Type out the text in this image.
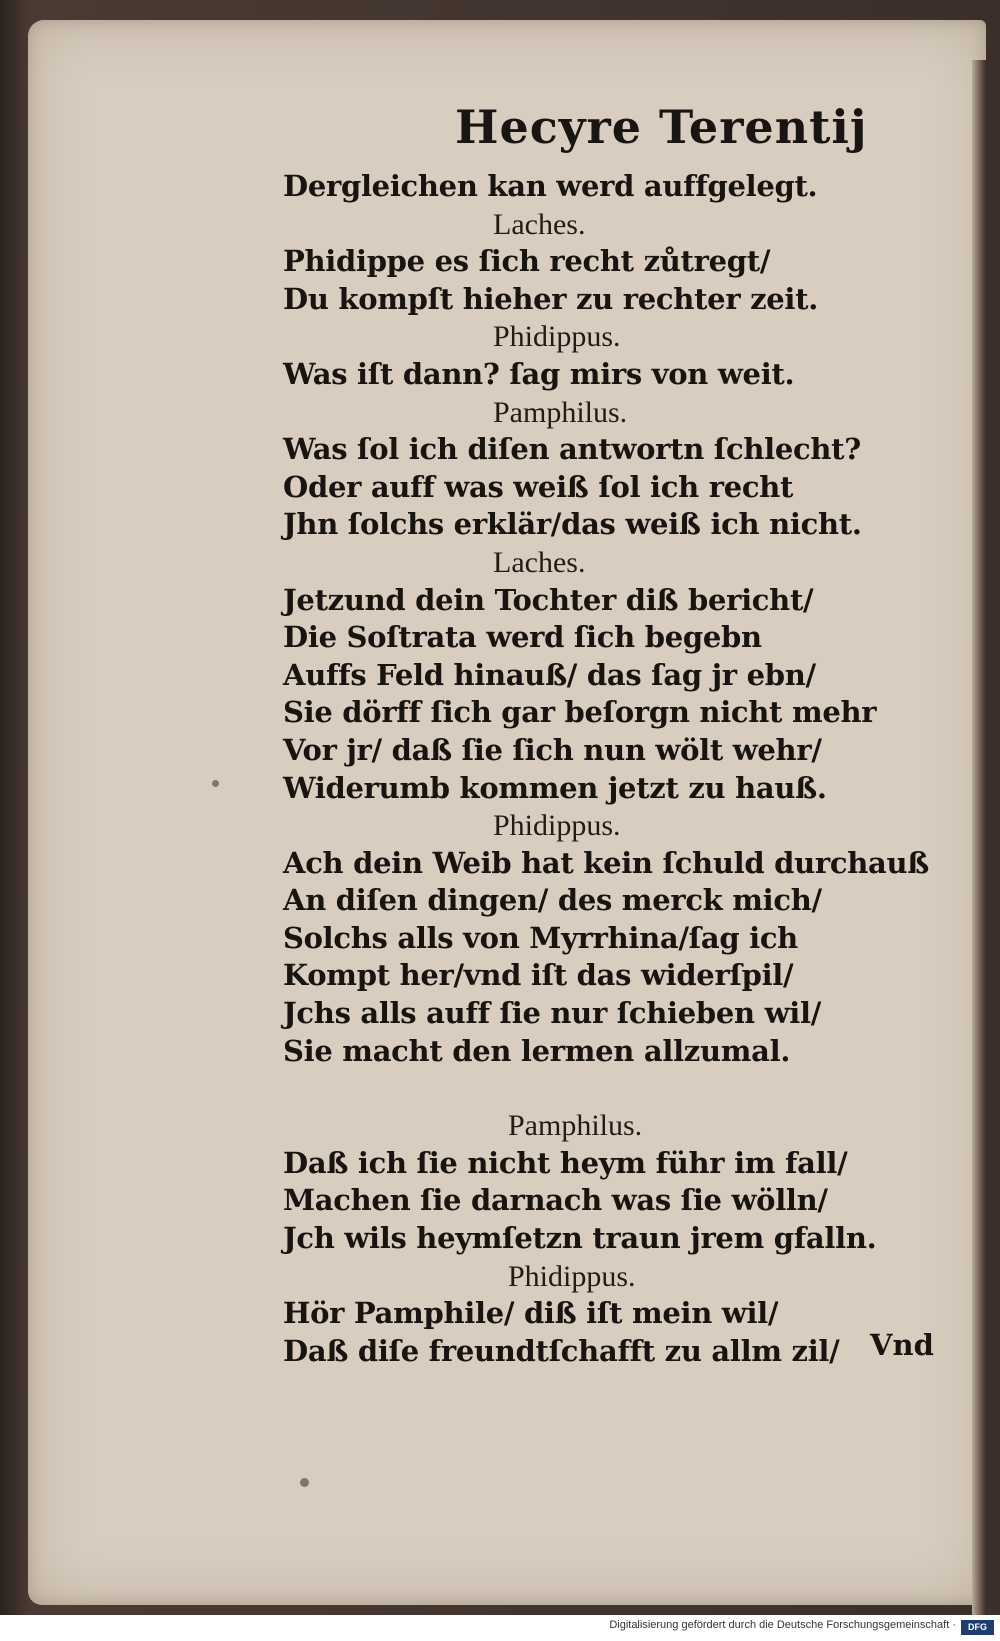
Hecyre Terentij
Dergleichen kan werd auffgelegt.
Laches.
Phidippe es ſich recht zůtregt/
Du kompſt hieher zu rechter zeit.
Phidippus.
Was iſt dann? ſag mirs von weit.
Pamphilus.
Was ſol ich diſen antwortn ſchlecht?
Oder auff was weiß ſol ich recht
Jhn ſolchs erklär/das weiß ich nicht.
Laches.
Jetzund dein Tochter diß bericht/
Die Soſtrata werd ſich begebn
Auffs Feld hinauß/ das ſag jr ebn/
Sie dörff ſich gar beſorgn nicht mehr
Vor jr/ daß ſie ſich nun wölt wehr/
Widerumb kommen jetzt zu hauß.
Phidippus.
Ach dein Weib hat kein ſchuld durchauß
An diſen dingen/ des merck mich/
Solchs alls von Myrrhina/ſag ich
Kompt her/vnd iſt das widerſpil/
Jchs alls auff ſie nur ſchieben wil/
Sie macht den lermen allzumal.
Pamphilus.
Daß ich ſie nicht heym führ im fall/
Machen ſie darnach was ſie wölln/
Jch wils heymſetzn traun jrem gfalln.
Phidippus.
Hör Pamphile/ diß iſt mein wil/
Daß diſe freundtſchafft zu allm zil/	Vnd
Digitalisierung gefördert durch die Deutsche Forschungsgemeinschaft ·	DFG
